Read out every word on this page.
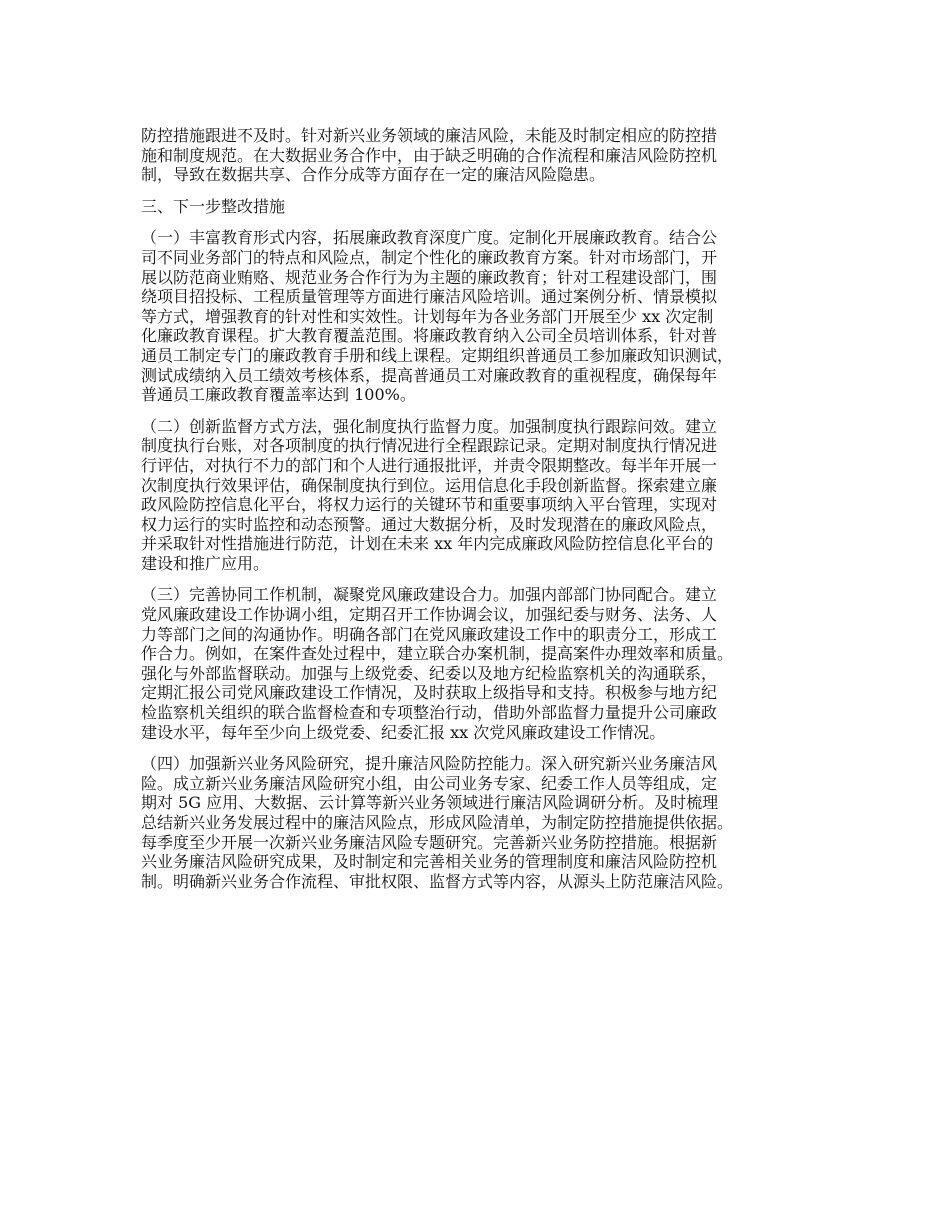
防控措施跟进不及时。针对新兴业务领域的廉洁风险，未能及时制定相应的防控措
施和制度规范。在大数据业务合作中，由于缺乏明确的合作流程和廉洁风险防控机
制，导致在数据共享、合作分成等方面存在一定的廉洁风险隐患。
三、下一步整改措施
（一）丰富教育形式内容，拓展廉政教育深度广度。定制化开展廉政教育。结合公
司不同业务部门的特点和风险点，制定个性化的廉政教育方案。针对市场部门，开
展以防范商业贿赂、规范业务合作行为为主题的廉政教育；针对工程建设部门，围
绕项目招投标、工程质量管理等方面进行廉洁风险培训。通过案例分析、情景模拟
等方式，增强教育的针对性和实效性。计划每年为各业务部门开展至少 xx 次定制
化廉政教育课程。扩大教育覆盖范围。将廉政教育纳入公司全员培训体系，针对普
通员工制定专门的廉政教育手册和线上课程。定期组织普通员工参加廉政知识测试，
测试成绩纳入员工绩效考核体系，提高普通员工对廉政教育的重视程度，确保每年
普通员工廉政教育覆盖率达到 100%。
（二）创新监督方式方法，强化制度执行监督力度。加强制度执行跟踪问效。建立
制度执行台账，对各项制度的执行情况进行全程跟踪记录。定期对制度执行情况进
行评估，对执行不力的部门和个人进行通报批评，并责令限期整改。每半年开展一
次制度执行效果评估，确保制度执行到位。运用信息化手段创新监督。探索建立廉
政风险防控信息化平台，将权力运行的关键环节和重要事项纳入平台管理，实现对
权力运行的实时监控和动态预警。通过大数据分析，及时发现潜在的廉政风险点，
并采取针对性措施进行防范，计划在未来 xx 年内完成廉政风险防控信息化平台的
建设和推广应用。
（三）完善协同工作机制，凝聚党风廉政建设合力。加强内部部门协同配合。建立
党风廉政建设工作协调小组，定期召开工作协调会议，加强纪委与财务、法务、人
力等部门之间的沟通协作。明确各部门在党风廉政建设工作中的职责分工，形成工
作合力。例如，在案件查处过程中，建立联合办案机制，提高案件办理效率和质量。
强化与外部监督联动。加强与上级党委、纪委以及地方纪检监察机关的沟通联系，
定期汇报公司党风廉政建设工作情况，及时获取上级指导和支持。积极参与地方纪
检监察机关组织的联合监督检查和专项整治行动，借助外部监督力量提升公司廉政
建设水平，每年至少向上级党委、纪委汇报 xx 次党风廉政建设工作情况。
（四）加强新兴业务风险研究，提升廉洁风险防控能力。深入研究新兴业务廉洁风
险。成立新兴业务廉洁风险研究小组，由公司业务专家、纪委工作人员等组成，定
期对 5G 应用、大数据、云计算等新兴业务领域进行廉洁风险调研分析。及时梳理
总结新兴业务发展过程中的廉洁风险点，形成风险清单，为制定防控措施提供依据。
每季度至少开展一次新兴业务廉洁风险专题研究。完善新兴业务防控措施。根据新
兴业务廉洁风险研究成果，及时制定和完善相关业务的管理制度和廉洁风险防控机
制。明确新兴业务合作流程、审批权限、监督方式等内容，从源头上防范廉洁风险。
